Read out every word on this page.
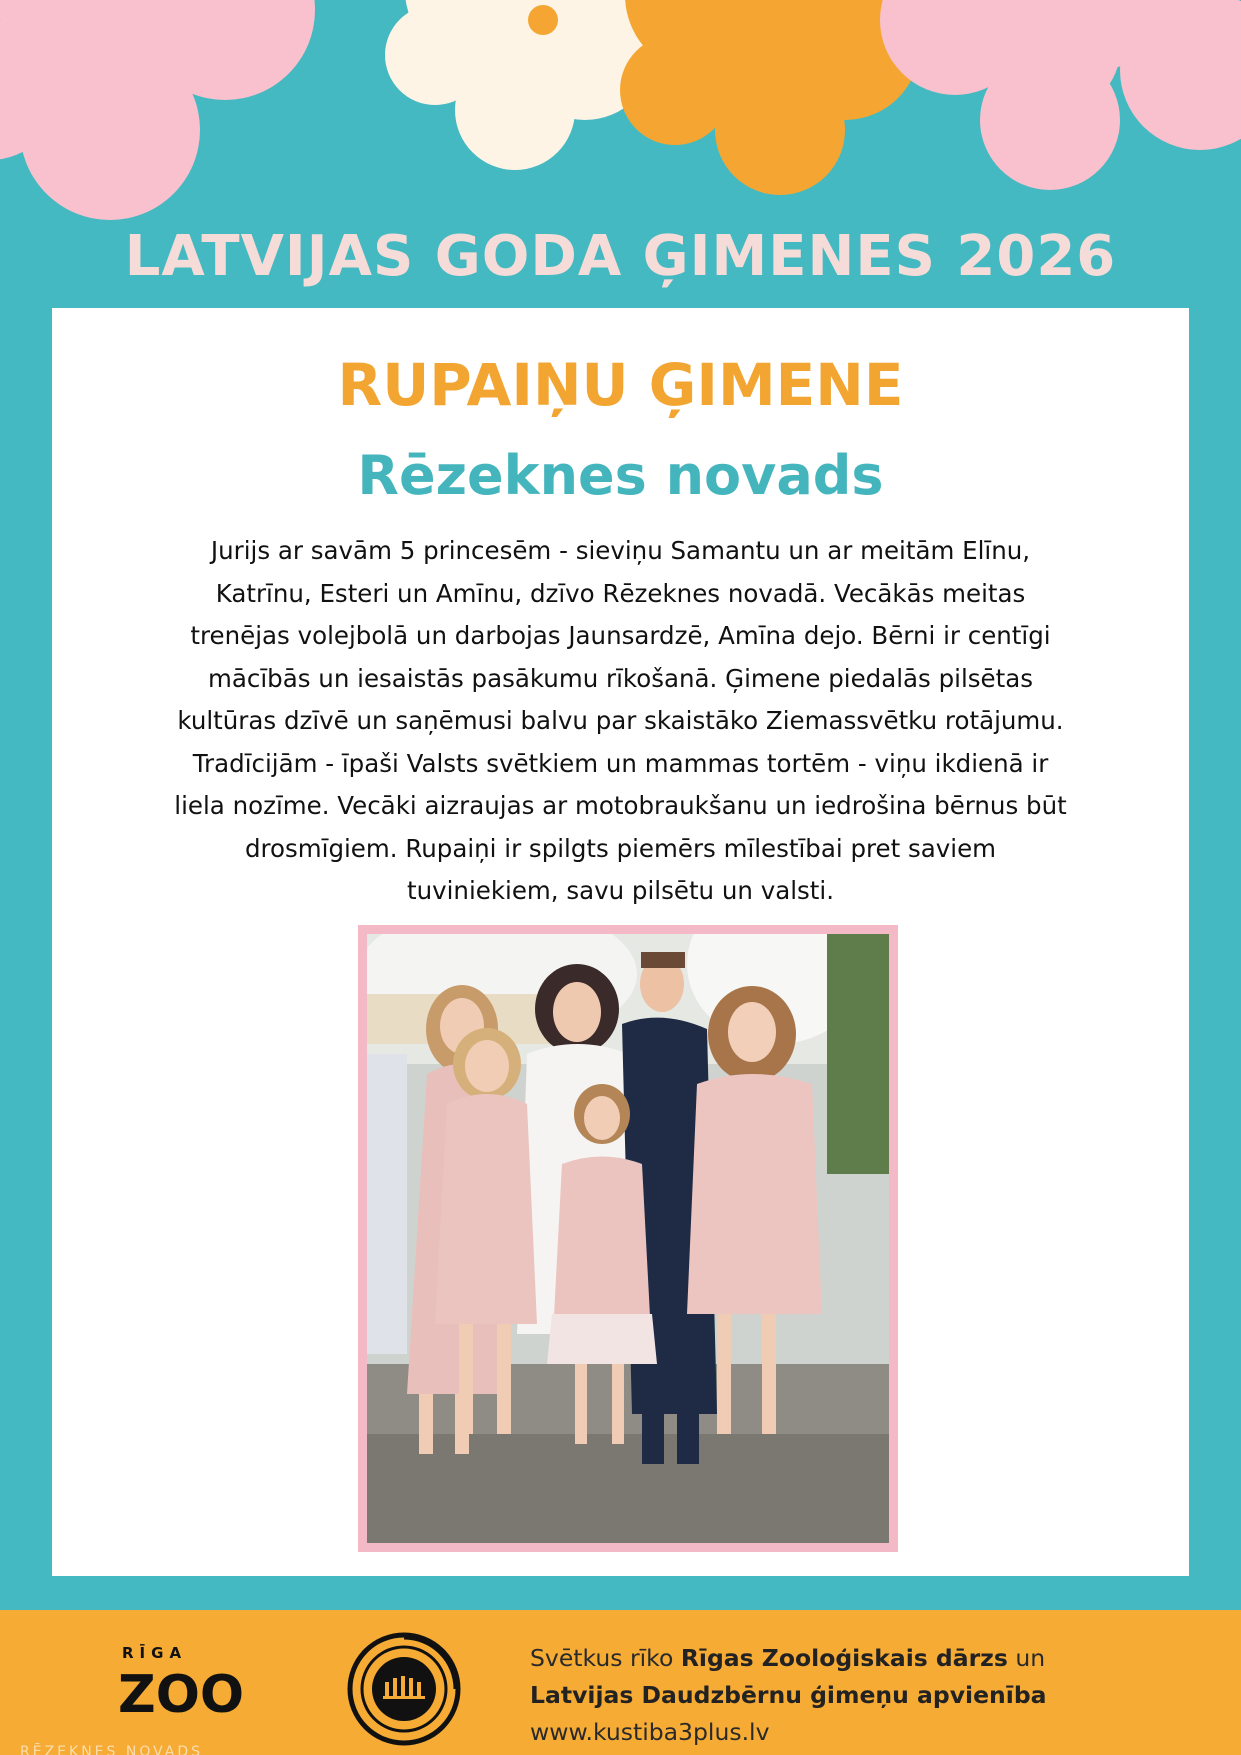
LATVIJAS GODA ĢIMENES 2026
RUPAIŅU ĢIMENE
Rēzeknes novads
Jurijs ar savām 5 princesēm - sieviņu Samantu un ar meitām Elīnu,
Katrīnu, Esteri un Amīnu, dzīvo Rēzeknes novadā. Vecākās meitas
trenējas volejbolā un darbojas Jaunsardzē, Amīna dejo. Bērni ir centīgi
mācībās un iesaistās pasākumu rīkošanā. Ģimene piedalās pilsētas
kultūras dzīvē un saņēmusi balvu par skaistāko Ziemassvētku rotājumu.
Tradīcijām - īpaši Valsts svētkiem un mammas tortēm - viņu ikdienā ir
liela nozīme. Vecāki aizraujas ar motobraukšanu un iedrošina bērnus būt
drosmīgiem. Rupaiņi ir spilgts piemērs mīlestībai pret saviem
tuviniekiem, savu pilsētu un valsti.
RĪGA
ZOO
Svētkus rīko Rīgas Zooloģiskais dārzs un
Latvijas Daudzbērnu ģimeņu apvienība
www.kustiba3plus.lv
RĒZEKNES NOVADS
